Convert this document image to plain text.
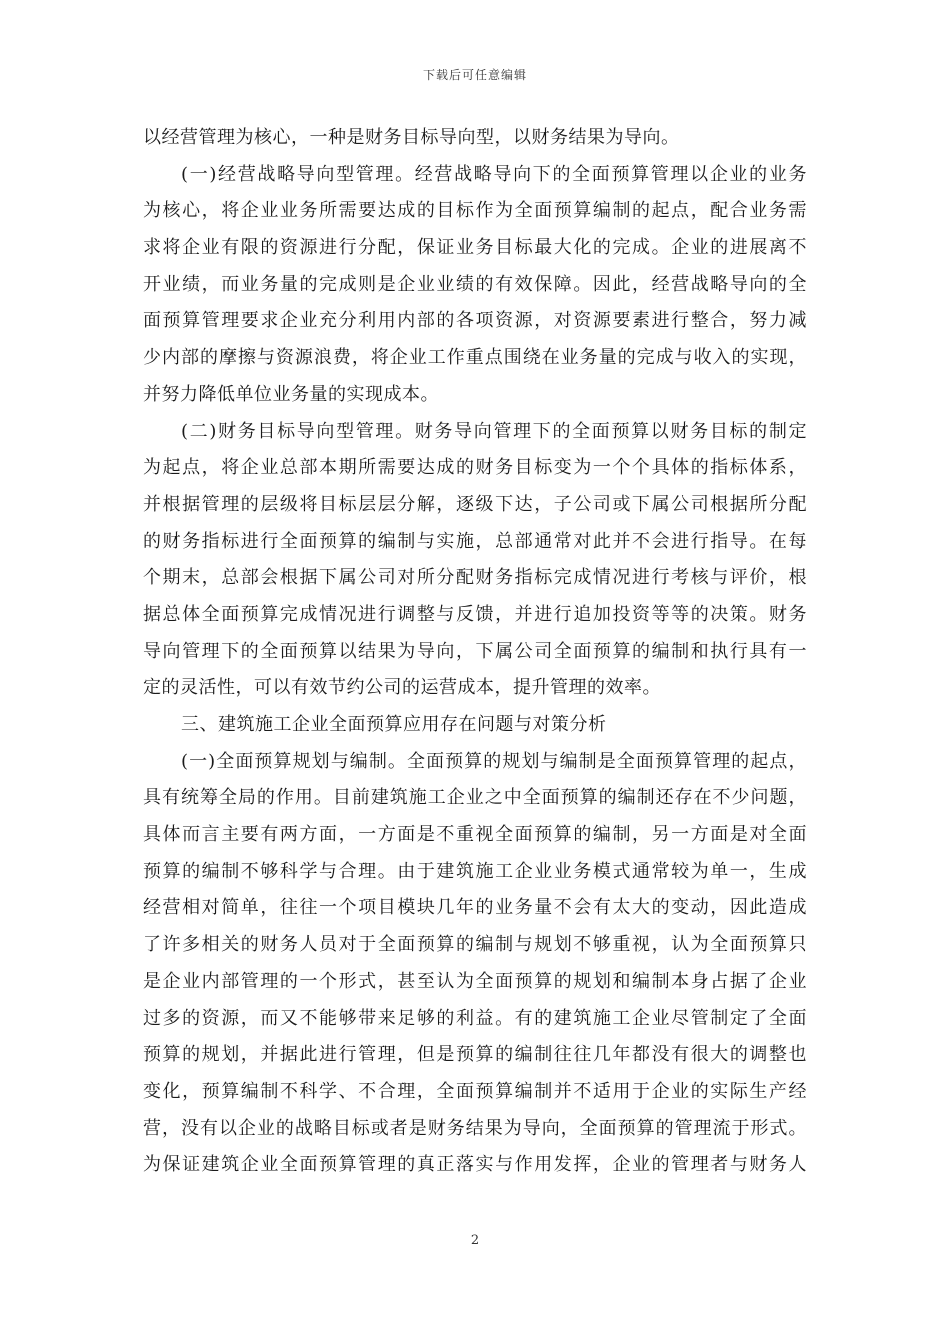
下载后可任意编辑
以经营管理为核心，一种是财务目标导向型，以财务结果为导向。
(一)经营战略导向型管理。经营战略导向下的全面预算管理以企业的业务
为核心，将企业业务所需要达成的目标作为全面预算编制的起点，配合业务需
求将企业有限的资源进行分配，保证业务目标最大化的完成。企业的进展离不
开业绩，而业务量的完成则是企业业绩的有效保障。因此，经营战略导向的全
面预算管理要求企业充分利用内部的各项资源，对资源要素进行整合，努力减
少内部的摩擦与资源浪费，将企业工作重点围绕在业务量的完成与收入的实现，
并努力降低单位业务量的实现成本。
(二)财务目标导向型管理。财务导向管理下的全面预算以财务目标的制定
为起点，将企业总部本期所需要达成的财务目标变为一个个具体的指标体系，
并根据管理的层级将目标层层分解，逐级下达，子公司或下属公司根据所分配
的财务指标进行全面预算的编制与实施，总部通常对此并不会进行指导。在每
个期末，总部会根据下属公司对所分配财务指标完成情况进行考核与评价，根
据总体全面预算完成情况进行调整与反馈，并进行追加投资等等的决策。财务
导向管理下的全面预算以结果为导向，下属公司全面预算的编制和执行具有一
定的灵活性，可以有效节约公司的运营成本，提升管理的效率。
三、建筑施工企业全面预算应用存在问题与对策分析
(一)全面预算规划与编制。全面预算的规划与编制是全面预算管理的起点，
具有统筹全局的作用。目前建筑施工企业之中全面预算的编制还存在不少问题，
具体而言主要有两方面，一方面是不重视全面预算的编制，另一方面是对全面
预算的编制不够科学与合理。由于建筑施工企业业务模式通常较为单一，生成
经营相对简单，往往一个项目模块几年的业务量不会有太大的变动，因此造成
了许多相关的财务人员对于全面预算的编制与规划不够重视，认为全面预算只
是企业内部管理的一个形式，甚至认为全面预算的规划和编制本身占据了企业
过多的资源，而又不能够带来足够的利益。有的建筑施工企业尽管制定了全面
预算的规划，并据此进行管理，但是预算的编制往往几年都没有很大的调整也
变化，预算编制不科学、不合理，全面预算编制并不适用于企业的实际生产经
营，没有以企业的战略目标或者是财务结果为导向，全面预算的管理流于形式。
为保证建筑企业全面预算管理的真正落实与作用发挥，企业的管理者与财务人
2
